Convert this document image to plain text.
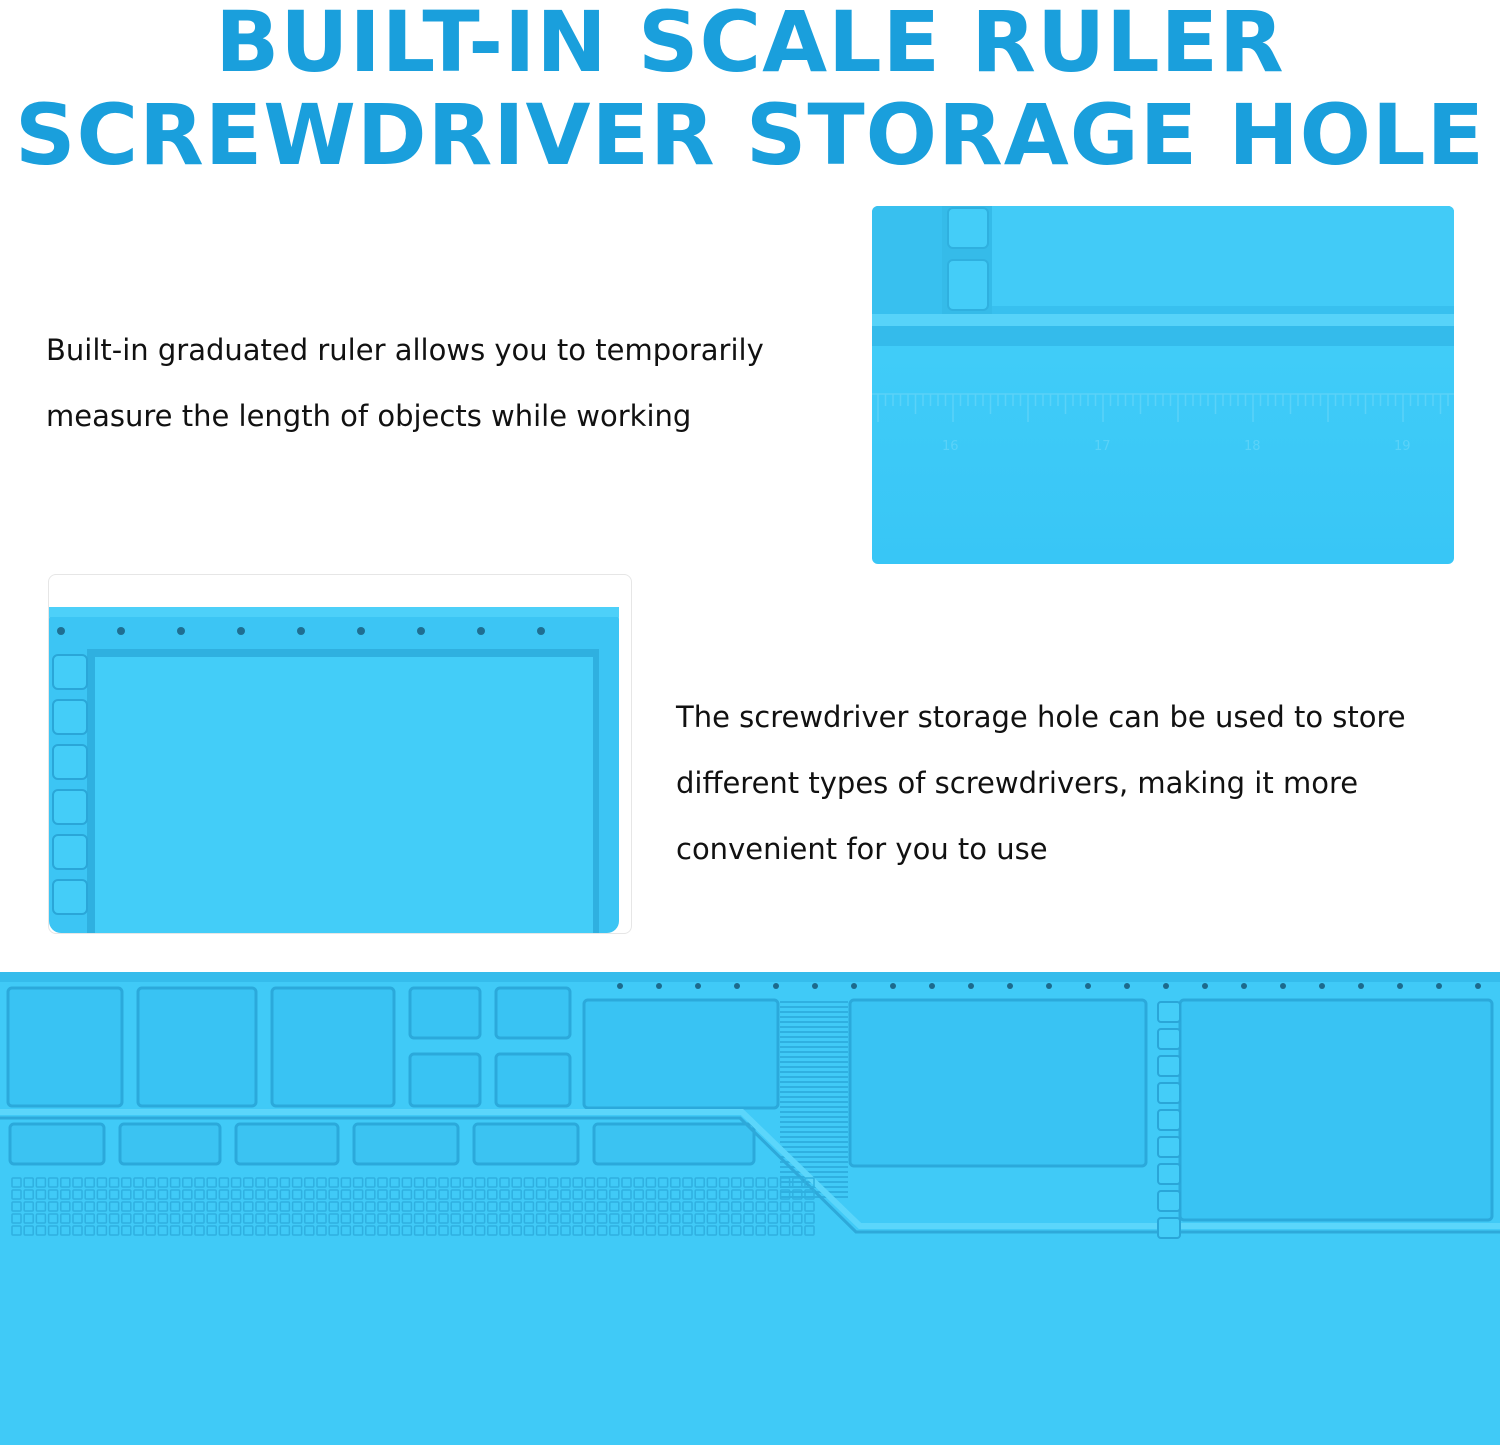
BUILT-IN SCALE RULER
SCREWDRIVER STORAGE HOLE
Built-in graduated ruler allows you to temporarily
measure the length of objects while working
The screwdriver storage hole can be used to store
different types of screwdrivers, making it more
convenient for you to use
16	17	18	19
